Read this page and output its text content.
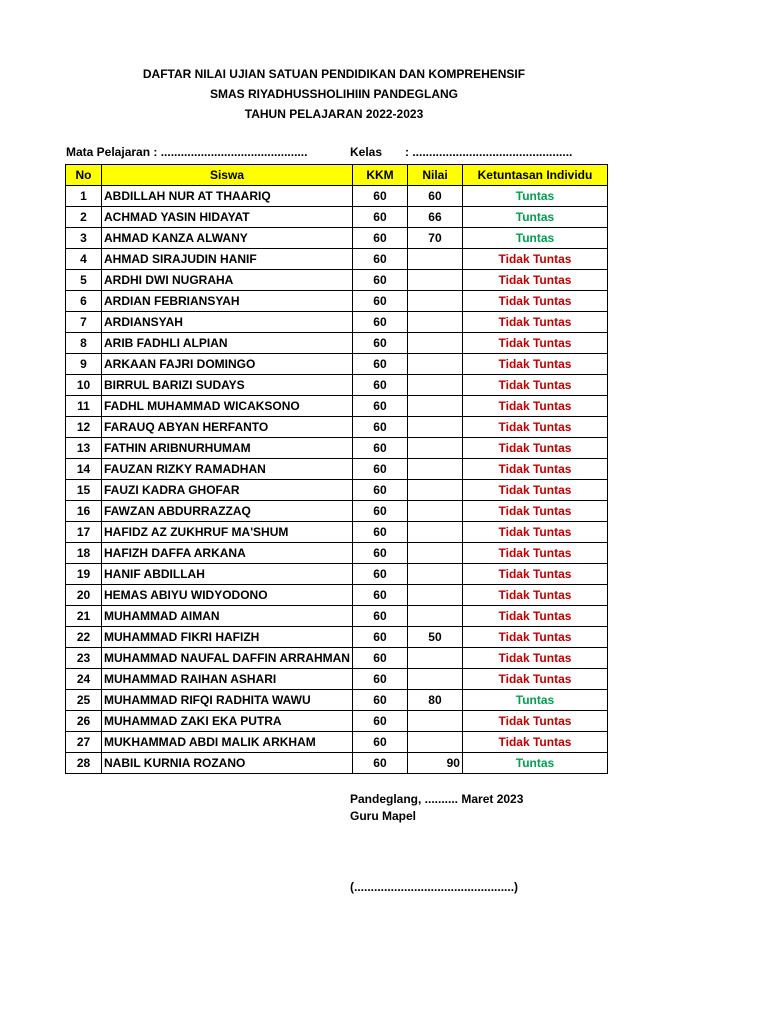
DAFTAR NILAI UJIAN SATUAN PENDIDIKAN DAN KOMPREHENSIF
SMAS RIYADHUSSHOLIHIIN PANDEGLANG
TAHUN PELAJARAN 2022-2023
Mata Pelajaran : ............................................	Kelas : ................................................
No	Siswa	KKM	Nilai	Ketuntasan Individu
1	ABDILLAH NUR AT THAARIQ	60	60	Tuntas
2	ACHMAD YASIN HIDAYAT	60	66	Tuntas
3	AHMAD KANZA ALWANY	60	70	Tuntas
4	AHMAD SIRAJUDIN HANIF	60		Tidak Tuntas
5	ARDHI DWI NUGRAHA	60		Tidak Tuntas
6	ARDIAN FEBRIANSYAH	60		Tidak Tuntas
7	ARDIANSYAH	60		Tidak Tuntas
8	ARIB FADHLI ALPIAN	60		Tidak Tuntas
9	ARKAAN FAJRI DOMINGO	60		Tidak Tuntas
10	BIRRUL BARIZI SUDAYS	60		Tidak Tuntas
11	FADHL MUHAMMAD WICAKSONO	60		Tidak Tuntas
12	FARAUQ ABYAN HERFANTO	60		Tidak Tuntas
13	FATHIN ARIBNURHUMAM	60		Tidak Tuntas
14	FAUZAN RIZKY RAMADHAN	60		Tidak Tuntas
15	FAUZI KADRA GHOFAR	60		Tidak Tuntas
16	FAWZAN ABDURRAZZAQ	60		Tidak Tuntas
17	HAFIDZ AZ ZUKHRUF MA'SHUM	60		Tidak Tuntas
18	HAFIZH DAFFA ARKANA	60		Tidak Tuntas
19	HANIF ABDILLAH	60		Tidak Tuntas
20	HEMAS ABIYU WIDYODONO	60		Tidak Tuntas
21	MUHAMMAD AIMAN	60		Tidak Tuntas
22	MUHAMMAD FIKRI HAFIZH	60	50	Tidak Tuntas
23	MUHAMMAD NAUFAL DAFFIN ARRAHMAN	60		Tidak Tuntas
24	MUHAMMAD RAIHAN ASHARI	60		Tidak Tuntas
25	MUHAMMAD RIFQI RADHITA WAWU	60	80	Tuntas
26	MUHAMMAD ZAKI EKA PUTRA	60		Tidak Tuntas
27	MUKHAMMAD ABDI MALIK ARKHAM	60		Tidak Tuntas
28	NABIL KURNIA ROZANO	60	90	Tuntas
Pandeglang, .......... Maret 2023
Guru Mapel
(................................................)
